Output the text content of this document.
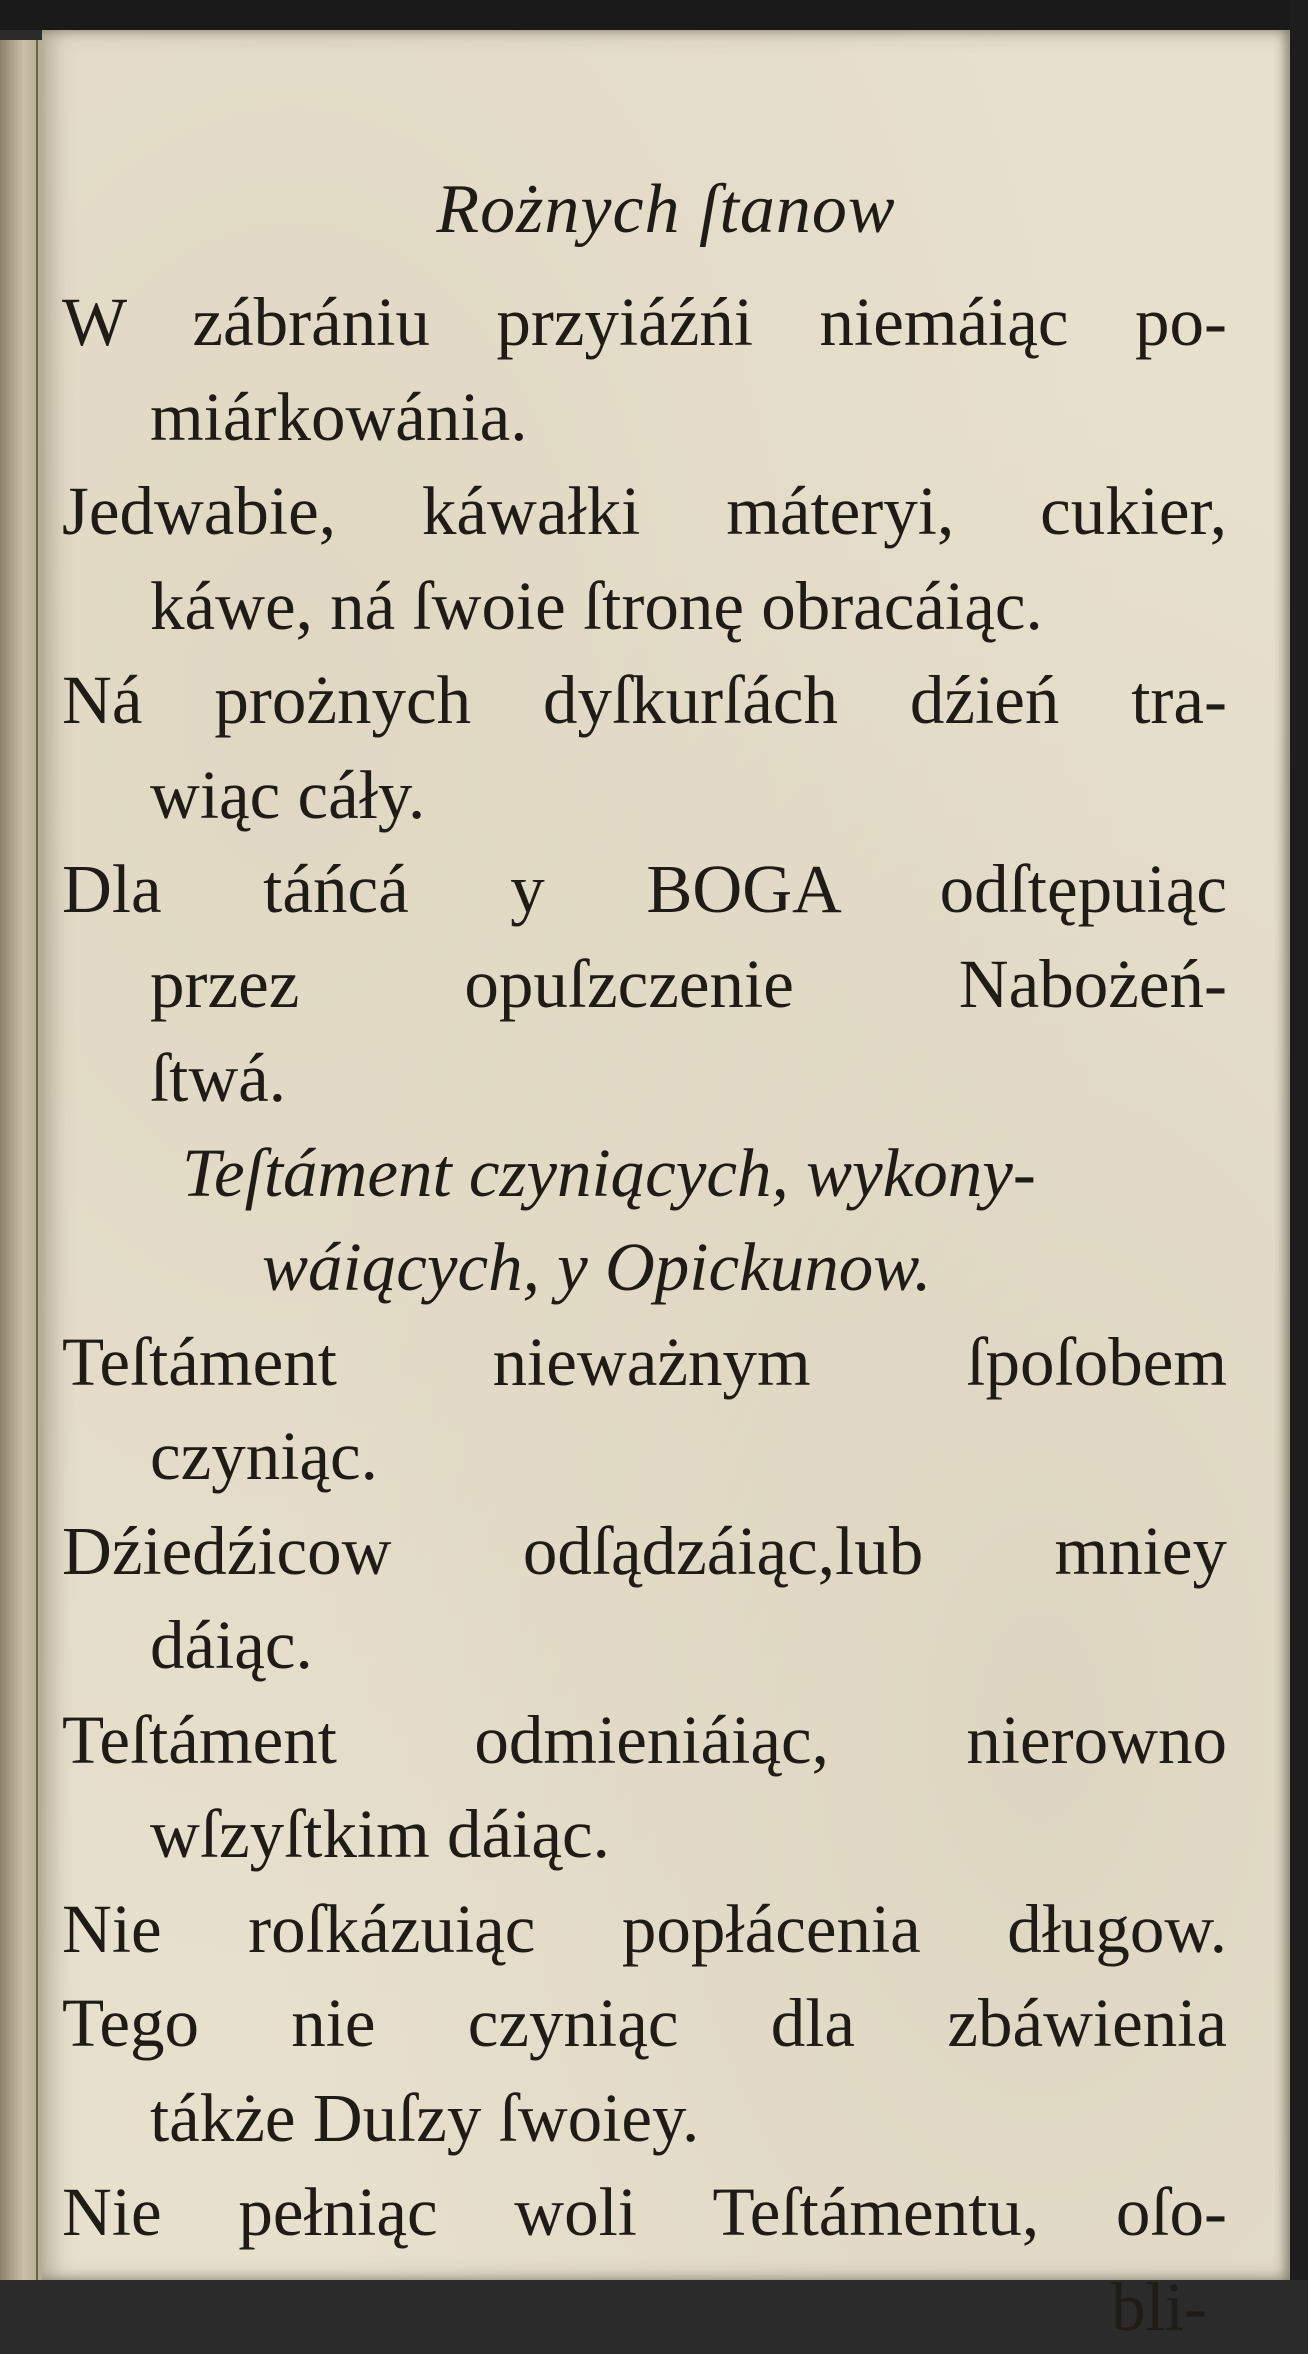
Rożnych ſtanow
W zábrániu przyiáźńi niemáiąc po-
miárkowánia.
Jedwabie, káwałki máteryi, cukier,
káwe, ná ſwoie ſtronę obracáiąc.
Ná prożnych dyſkurſách dźień tra-
wiąc cáły.
Dla táńcá y BOGA odſtępuiąc
przez opuſzczenie Nabożeń-
ſtwá.
Teſtáment czyniących, wykony-
wáiących, y Opickunow.
Teſtáment nieważnym ſpoſobem
czyniąc.
Dźiedźicow odſądzáiąc,lub mniey
dáiąc.
Teſtáment odmieniáiąc, nierowno
wſzyſtkim dáiąc.
Nie roſkázuiąc popłácenia długow.
Tego nie czyniąc dla zbáwienia
tákże Duſzy ſwoiey.
Nie pełniąc woli Teſtámentu, oſo-
bli-
